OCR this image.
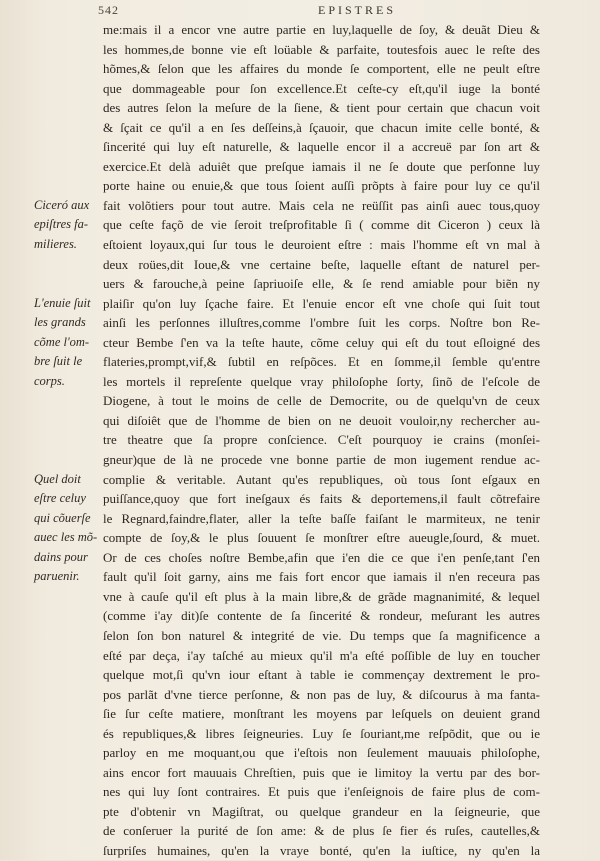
542	EPISTRES
me:mais il a encor vne autre partie en luy,laquelle de ſoy, & deuãt Dieu &
les hommes,de bonne vie eſt loüable & parfaite, toutesfois auec le reſte des
hõmes,& ſelon que les affaires du monde ſe comportent, elle ne peult eſtre
que dommageable pour ſon excellence.Et ceſte-cy eſt,qu'il iuge la bonté
des autres ſelon la meſure de la ſiene, & tient pour certain que chacun voit
& ſçait ce qu'il a en ſes deſſeins,à ſçauoir, que chacun imite celle bonté, &
ſincerité qui luy eſt naturelle, & laquelle encor il a accreuë par ſon art &
exercice.Et delà aduiêt que preſque iamais il ne ſe doute que perſonne luy
porte haine ou enuie,& que tous ſoient auſſi prõpts à faire pour luy ce qu'il
fait volõtiers pour tout autre. Mais cela ne reüſſit pas ainſi auec tous,quoy
que ceſte façõ de vie ſeroit treſprofitable ſi ( comme dit Ciceron ) ceux là
eſtoient loyaux,qui ſur tous le deuroient eſtre : mais l'homme eſt vn mal à
deux roües,dit Ioue,& vne certaine beſte, laquelle eſtant de naturel per-
uers & farouche,à peine ſapriuoiſe elle, & ſe rend amiable pour biẽn ny
plaiſir qu'on luy ſçache faire. Et l'enuie encor eſt vne choſe qui ſuit tout
ainſi les perſonnes illuſtres,comme l'ombre ſuit les corps. Noſtre bon Re-
cteur Bembe ſ'en va la teſte haute, cõme celuy qui eſt du tout eſloigné des
flateries,prompt,vif,& ſubtil en reſpõces. Et en ſomme,il ſemble qu'entre
les mortels il repreſente quelque vray philoſophe ſorty, ſinõ de l'eſcole de
Diogene, à tout le moins de celle de Democrite, ou de quelqu'vn de ceux
qui diſoiêt que de l'homme de bien on ne deuoit vouloir,ny rechercher au-
tre theatre que ſa propre conſcience. C'eſt pourquoy ie crains (monſei-
gneur)que de là ne procede vne bonne partie de mon iugement rendue ac-
complie & veritable. Autant qu'es republiques, où tous ſont eſgaux en
puiſſance,quoy que fort ineſgaux és faits & deportemens,il fault cõtrefaire
le Regnard,faindre,flater, aller la teſte baſſe faiſant le marmiteux, ne tenir
compte de ſoy,& le plus ſouuent ſe monſtrer eſtre aueugle,ſourd, & muet.
Or de ces choſes noſtre Bembe,afin que i'en die ce que i'en penſe,tant ſ'en
fault qu'il ſoit garny, ains me fais fort encor que iamais il n'en receura pas
vne à cauſe qu'il eſt plus à la main libre,& de grãde magnanimité, & lequel
(comme i'ay dit)ſe contente de ſa ſincerité & rondeur, meſurant les autres
ſelon ſon bon naturel & integrité de vie. Du temps que ſa magnificence a
eſté par deça, i'ay taſché au mieux qu'il m'a eſté poſſible de luy en toucher
quelque mot,ſi qu'vn iour eſtant à table ie commençay dextrement le pro-
pos parlãt d'vne tierce perſonne, & non pas de luy, & diſcourus à ma fanta-
ſie ſur ceſte matiere, monſtrant les moyens par leſquels on deuient grand
és republiques,& libres ſeigneuries. Luy ſe ſouriant,me reſpõdit, que ou ie
parloy en me moquant,ou que i'eſtois non ſeulement mauuais philoſophe,
ains encor fort mauuais Chreſtien, puis que ie limitoy la vertu par des bor-
nes qui luy ſont contraires. Et puis que i'enſeignois de faire plus de com-
pte d'obtenir vn Magiſtrat, ou quelque grandeur en la ſeigneurie, que
de conſeruer la purité de ſon ame: & de plus ſe fier és ruſes, cautelles,&
ſurpriſes humaines, qu'en la vraye bonté, qu'en la iuſtice, ny qu'en la
Ciceró aux
epiſtres fa-
milieres.
L'enuie ſuit
les grands
cõme l'om-
bre ſuit le
corps.
Quel doit
eſtre celuy
qui cõuerſe
auec les mõ-
dains pour
paruenir.
